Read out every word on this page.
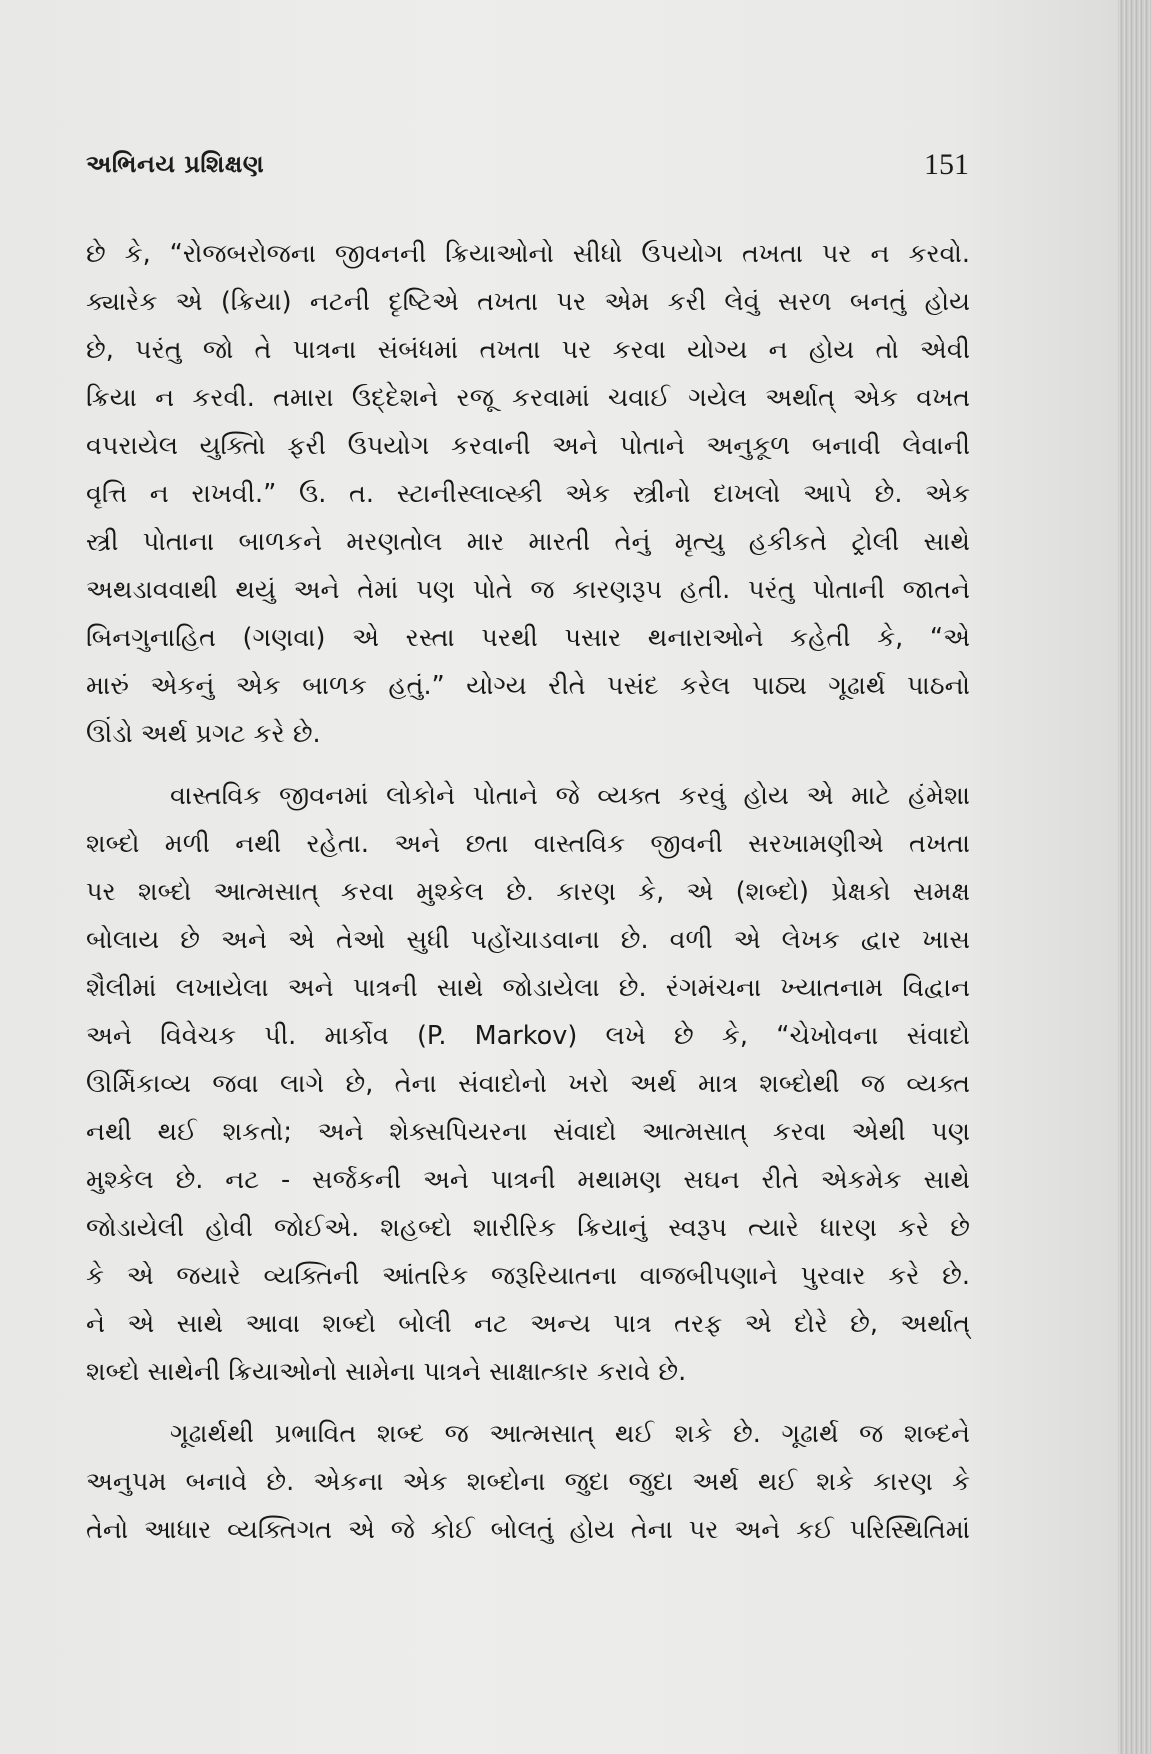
અભિનય પ્રશિક્ષણ	151
છે કે, “રોજબરોજના જીવનની ક્રિયાઓનો સીધો ઉપયોગ તખતા પર ન કરવો.
ક્યારેક એ (ક્રિયા) નટની દૃષ્ટિએ તખતા પર એમ કરી લેવું સરળ બનતું હોય
છે, પરંતુ જો તે પાત્રના સંબંધમાં તખતા પર કરવા યોગ્ય ન હોય તો એવી
ક્રિયા ન કરવી. તમારા ઉદ્દેશને રજૂ કરવામાં ચવાઈ ગયેલ અર્થાત્ એક વખત
વપરાયેલ યુક્તિો ફરી ઉપયોગ કરવાની અને પોતાને અનુકૂળ બનાવી લેવાની
વૃત્તિ ન રાખવી.” ઉ. ત. સ્ટાનીસ્લાવ્સ્કી એક સ્ત્રીનો દાખલો આપે છે. એક
સ્ત્રી પોતાના બાળકને મરણતોલ માર મારતી તેનું મૃત્યુ હકીકતે ટ્રોલી સાથે
અથડાવવાથી થયું અને તેમાં પણ પોતે જ કારણરૂપ હતી. પરંતુ પોતાની જાતને
બિનગુનાહિત (ગણવા) એ રસ્તા પરથી પસાર થનારાઓને કહેતી કે, “એ
મારું એકનું એક બાળક હતું.” યોગ્ય રીતે પસંદ કરેલ પાઠ્ય ગૂઢાર્થ પાઠનો
ઊંડો અર્થ પ્રગટ કરે છે.
વાસ્તવિક જીવનમાં લોકોને પોતાને જે વ્યક્ત કરવું હોય એ માટે હંમેશા
શબ્દો મળી નથી રહેતા. અને છતા વાસ્તવિક જીવની સરખામણીએ તખતા
પર શબ્દો આત્મસાત્ કરવા મુશ્કેલ છે. કારણ કે, એ (શબ્દો) પ્રેક્ષકો સમક્ષ
બોલાય છે અને એ તેઓ સુધી પહોંચાડવાના છે. વળી એ લેખક દ્વાર ખાસ
શૈલીમાં લખાયેલા અને પાત્રની સાથે જોડાયેલા છે. રંગમંચના ખ્યાતનામ વિદ્વાન
અને વિવેચક પી. માર્કોવ (P. Markov) લખે છે કે, “ચેખોવના સંવાદો
ઊર્મિકાવ્ય જવા લાગે છે, તેના સંવાદોનો ખરો અર્થ માત્ર શબ્દોથી જ વ્યક્ત
નથી થઈ શકતો; અને શેક્સપિયરના સંવાદો આત્મસાત્ કરવા એથી પણ
મુશ્કેલ છે. નટ - સર્જકની અને પાત્રની મથામણ સઘન રીતે એકમેક સાથે
જોડાયેલી હોવી જોઈએ. શહબ્દો શારીરિક ક્રિયાનું સ્વરૂપ ત્યારે ધારણ કરે છે
કે એ જયારે વ્યક્તિની આંતરિક જરૂરિયાતના વાજબીપણાને પુરવાર કરે છે.
ને એ સાથે આવા શબ્દો બોલી નટ અન્ય પાત્ર તરફ એ દોરે છે, અર્થાત્
શબ્દો સાથેની ક્રિયાઓનો સામેના પાત્રને સાક્ષાત્કાર કરાવે છે.
ગૂઢાર્થથી પ્રભાવિત શબ્દ જ આત્મસાત્ થઈ શકે છે. ગૂઢાર્થ જ શબ્દને
અનુપમ બનાવે છે. એકના એક શબ્દોના જુદા જુદા અર્થ થઈ શકે કારણ કે
તેનો આધાર વ્યક્તિગત એ જે કોઈ બોલતું હોય તેના પર અને કઈ પરિસ્થિતિમાં
